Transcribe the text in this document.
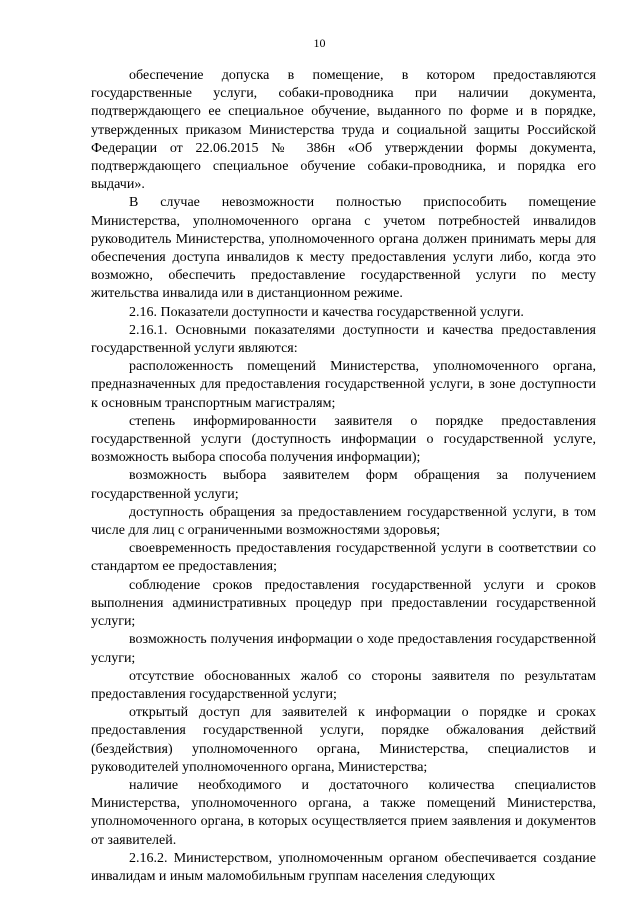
10

обеспечение допуска в помещение, в котором предоставляются государственные услуги, собаки-проводника при наличии документа, подтверждающего ее специальное обучение, выданного по форме и в порядке, утвержденных приказом Министерства труда и социальной защиты Российской Федерации от 22.06.2015 № 386н «Об утверждении формы документа, подтверждающего специальное обучение собаки-проводника, и порядка его выдачи».

В случае невозможности полностью приспособить помещение Министерства, уполномоченного органа с учетом потребностей инвалидов руководитель Министерства, уполномоченного органа должен принимать меры для обеспечения доступа инвалидов к месту предоставления услуги либо, когда это возможно, обеспечить предоставление государственной услуги по месту жительства инвалида или в дистанционном режиме.

2.16. Показатели доступности и качества государственной услуги.

2.16.1. Основными показателями доступности и качества предоставления государственной услуги являются:

расположенность помещений Министерства, уполномоченного органа, предназначенных для предоставления государственной услуги, в зоне доступности к основным транспортным магистралям;

степень информированности заявителя о порядке предоставления государственной услуги (доступность информации о государственной услуге, возможность выбора способа получения информации);

возможность выбора заявителем форм обращения за получением государственной услуги;

доступность обращения за предоставлением государственной услуги, в том числе для лиц с ограниченными возможностями здоровья;

своевременность предоставления государственной услуги в соответствии со стандартом ее предоставления;

соблюдение сроков предоставления государственной услуги и сроков выполнения административных процедур при предоставлении государственной услуги;

возможность получения информации о ходе предоставления государственной услуги;

отсутствие обоснованных жалоб со стороны заявителя по результатам предоставления государственной услуги;

открытый доступ для заявителей к информации о порядке и сроках предоставления государственной услуги, порядке обжалования действий (бездействия) уполномоченного органа, Министерства, специалистов и руководителей уполномоченного органа, Министерства;

наличие необходимого и достаточного количества специалистов Министерства, уполномоченного органа, а также помещений Министерства, уполномоченного органа, в которых осуществляется прием заявления и документов от заявителей.

2.16.2. Министерством, уполномоченным органом обеспечивается создание инвалидам и иным маломобильным группам населения следующих
